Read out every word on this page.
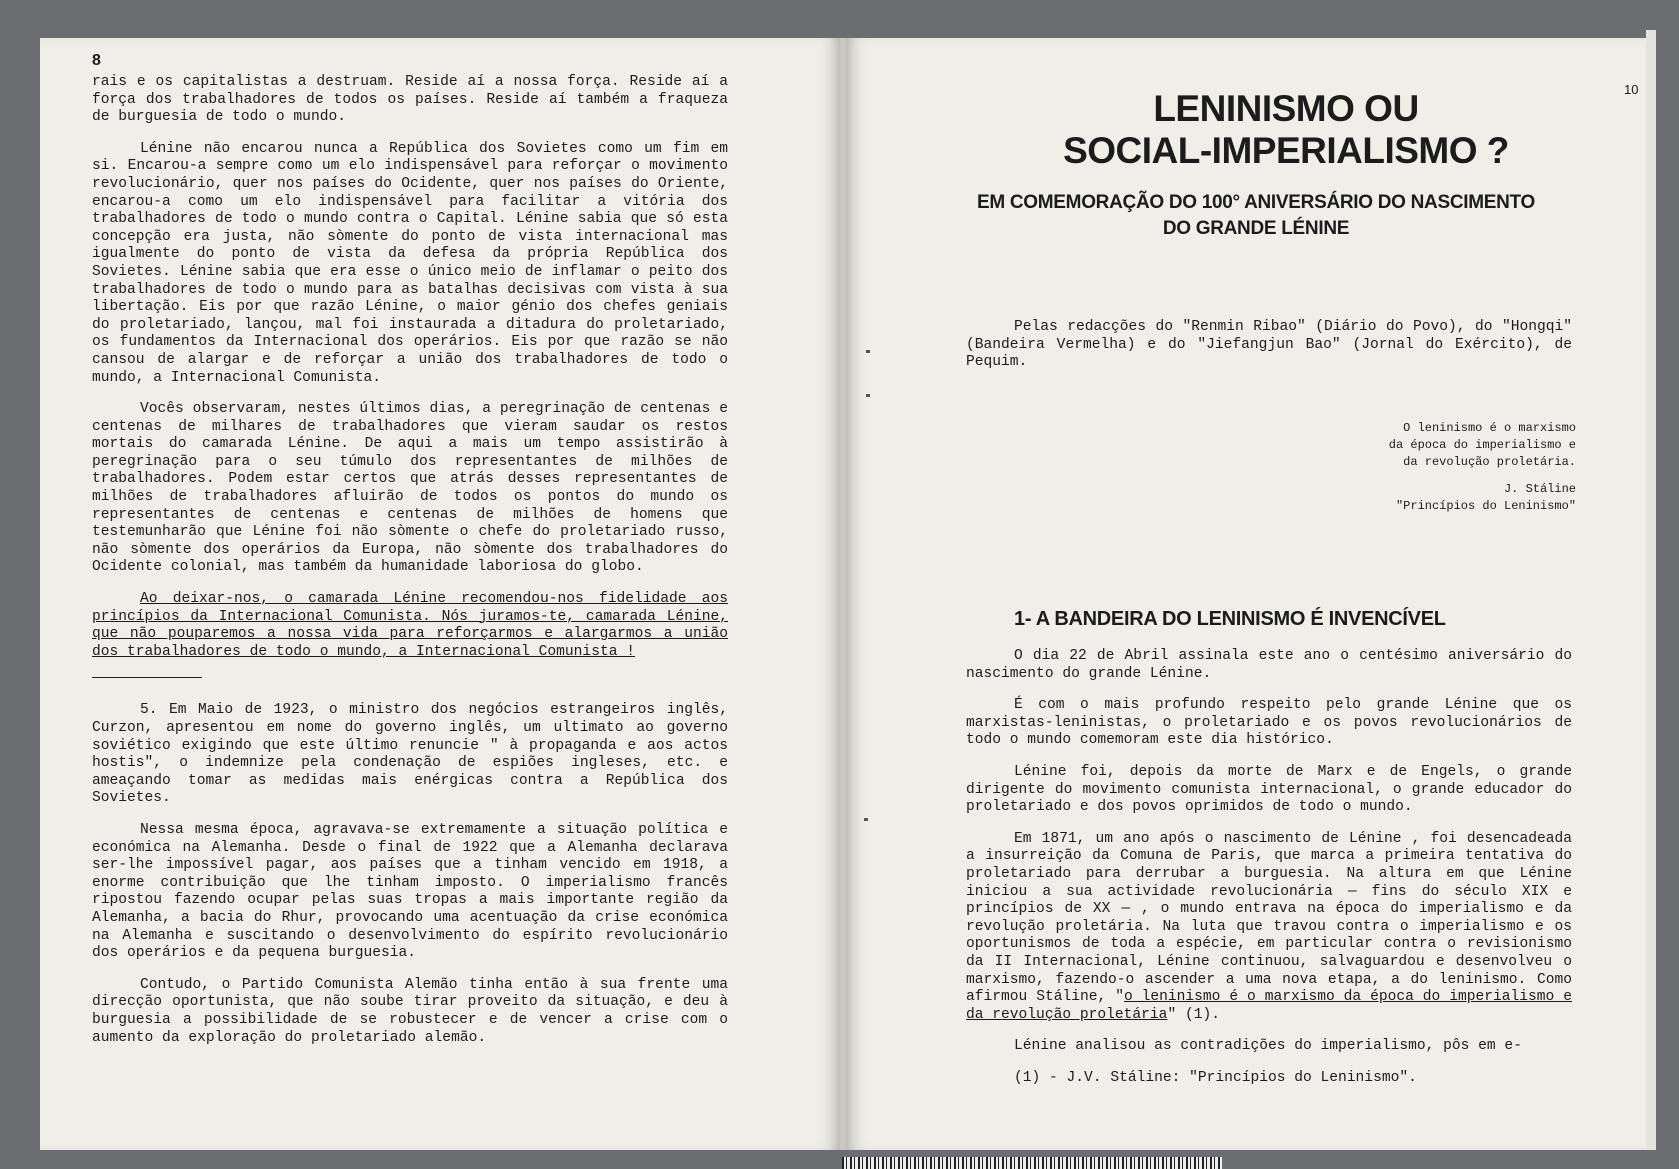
8

rais e os capitalistas a destruam. Reside aí a nossa força. Reside aí a força dos trabalhadores de todos os países. Reside aí também a fraqueza de burguesia de todo o mundo.

Lénine não encarou nunca a República dos Sovietes como um fim em si. Encarou-a sempre como um elo indispensável para reforçar o movimento revolucionário, quer nos países do Ocidente, quer nos países do Oriente, encarou-a como um elo indispensável para facilitar a vitória dos trabalhadores de todo o mundo contra o Capital. Lénine sabia que só esta concepção era justa, não sòmente do ponto de vista internacional mas igualmente do ponto de vista da defesa da própria República dos Sovietes. Lénine sabia que era esse o único meio de inflamar o peito dos trabalhadores de todo o mundo para as batalhas decisivas com vista à sua libertação. Eis por que razão Lénine, o maior génio dos chefes geniais do proletariado, lançou, mal foi instaurada a ditadura do proletariado, os fundamentos da Internacional dos operários. Eis por que razão se não cansou de alargar e de reforçar a união dos trabalhadores de todo o mundo, a Internacional Comunista.

Vocês observaram, nestes últimos dias, a peregrinação de centenas e centenas de milhares de trabalhadores que vieram saudar os restos mortais do camarada Lénine. De aqui a mais um tempo assistirão à peregrinação para o seu túmulo dos representantes de milhões de trabalhadores. Podem estar certos que atrás desses representantes de milhões de trabalhadores afluirão de todos os pontos do mundo os representantes de centenas e centenas de milhões de homens que testemunharão que Lénine foi não sòmente o chefe do proletariado russo, não sòmente dos operários da Europa, não sòmente dos trabalhadores do Ocidente colonial, mas também da humanidade laboriosa do globo.

Ao deixar-nos, o camarada Lénine recomendou-nos fidelidade aos princípios da Internacional Comunista. Nós juramos-te, camarada Lénine, que não pouparemos a nossa vida para reforçarmos e alargarmos a união dos trabalhadores de todo o mundo, a Internacional Comunista !

5. Em Maio de 1923, o ministro dos negócios estrangeiros inglês, Curzon, apresentou em nome do governo inglês, um ultimato ao governo soviético exigindo que este último renuncie " à propaganda e aos actos hostis", o indemnize pela condenação de espiões ingleses, etc. e ameaçando tomar as medidas mais enérgicas contra a República dos Sovietes.

Nessa mesma época, agravava-se extremamente a situação política e económica na Alemanha. Desde o final de 1922 que a Alemanha declarava ser-lhe impossível pagar, aos países que a tinham vencido em 1918, a enorme contribuição que lhe tinham imposto. O imperialismo francês ripostou fazendo ocupar pelas suas tropas a mais importante região da Alemanha, a bacia do Rhur, provocando uma acentuação da crise económica na Alemanha e suscitando o desenvolvimento do espírito revolucionário dos operários e da pequena burguesia.

Contudo, o Partido Comunista Alemão tinha então à sua frente uma direcção oportunista, que não soube tirar proveito da situação, e deu à burguesia a possibilidade de se robustecer e de vencer a crise com o aumento da exploração do proletariado alemão.

10
LENINISMO OU
SOCIAL-IMPERIALISMO ?
EM COMEMORAÇÃO DO 100° ANIVERSÁRIO DO NASCIMENTO
DO GRANDE LÉNINE

Pelas redacções do "Renmin Ribao" (Diário do Povo), do "Hongqi" (Bandeira Vermelha) e do "Jiefangjun Bao" (Jornal do Exército), de Pequim.

O leninismo é o marxismo

da época do imperialismo e

da revolução proletária.

J. Stáline

"Princípios do Leninismo"

1- A BANDEIRA DO LENINISMO É INVENCÍVEL

O dia 22 de Abril assinala este ano o centésimo aniversário do nascimento do grande Lénine.

É com o mais profundo respeito pelo grande Lénine que os marxistas-leninistas, o proletariado e os povos revolucionários de todo o mundo comemoram este dia histórico.

Lénine foi, depois da morte de Marx e de Engels, o grande dirigente do movimento comunista internacional, o grande educador do proletariado e dos povos oprimidos de todo o mundo.

Em 1871, um ano após o nascimento de Lénine , foi desencadeada a insurreição da Comuna de Paris, que marca a primeira tentativa do proletariado para derrubar a burguesia. Na altura em que Lénine iniciou a sua actividade revolucionária — fins do século XIX e princípios de XX — , o mundo entrava na época do imperialismo e da revolução proletária. Na luta que travou contra o imperialismo e os oportunismos de toda a espécie, em particular contra o revisionismo da II Internacional, Lénine continuou, salvaguardou e desenvolveu o marxismo, fazendo-o ascender a uma nova etapa, a do leninismo. Como afirmou Stáline, "o leninismo é o marxismo da época do imperialismo e da revolução proletária" (1).

Lénine analisou as contradições do imperialismo, pôs em e-

(1) - J.V. Stáline: "Princípios do Leninismo".
